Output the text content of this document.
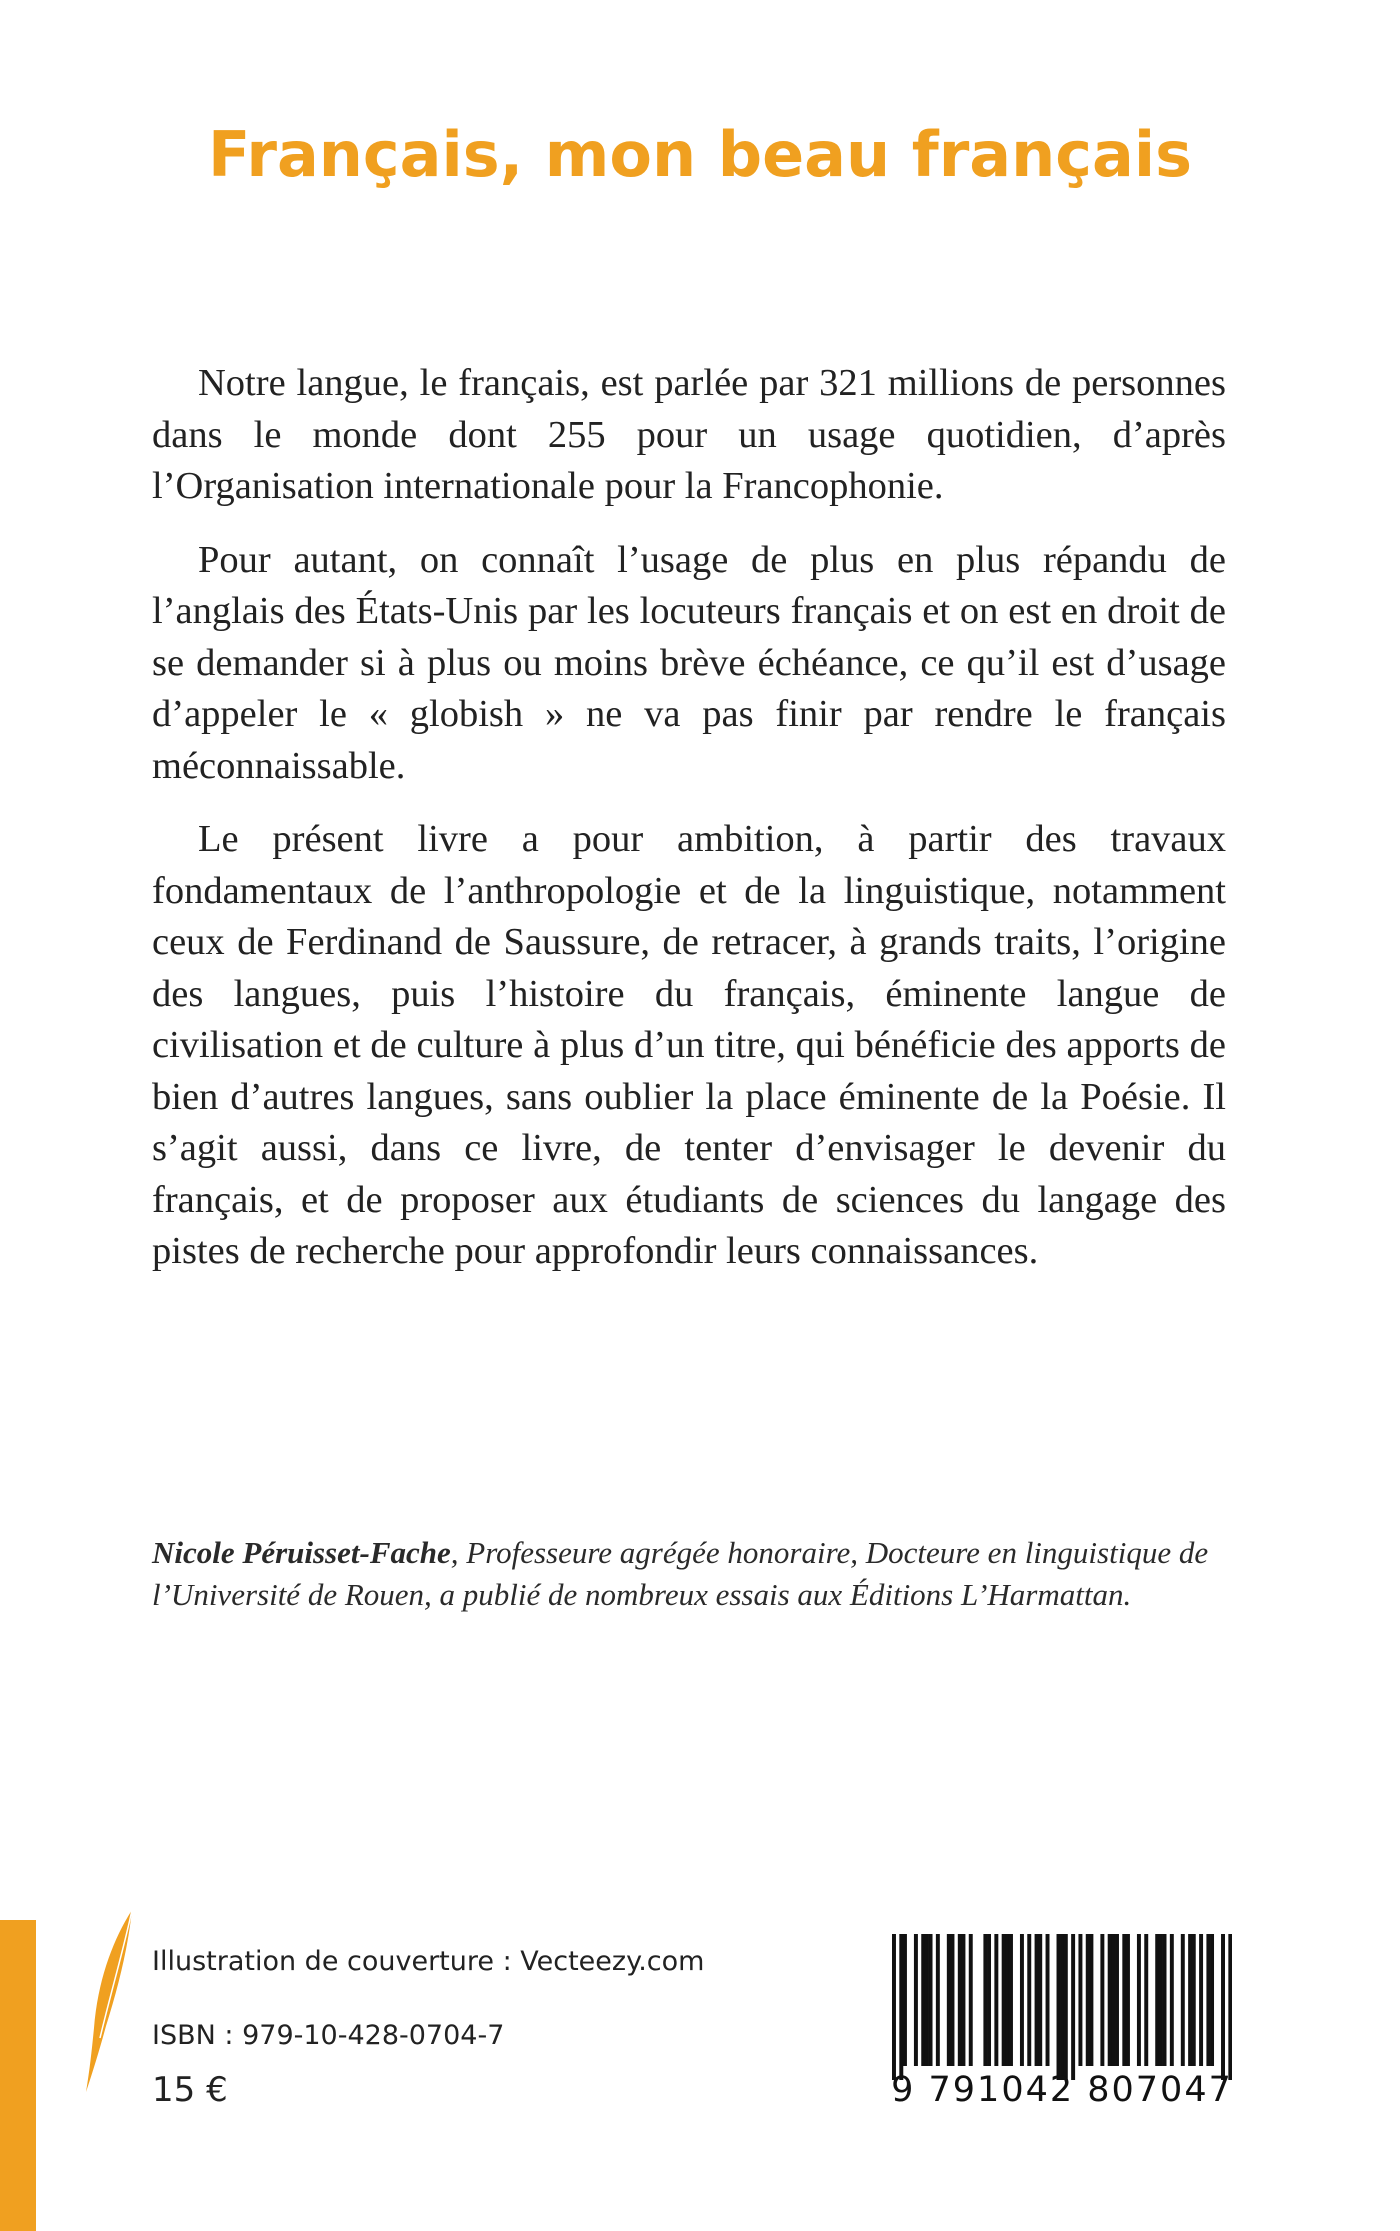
Français, mon beau français

Notre langue, le français, est parlée par 321 millions de personnes dans le monde dont 255 pour un usage quotidien, d’après l’Organisation internationale pour la Francophonie.

Pour autant, on connaît l’usage de plus en plus répandu de l’anglais des États-Unis par les locuteurs français et on est en droit de se demander si à plus ou moins brève échéance, ce qu’il est d’usage d’appeler le « globish » ne va pas finir par rendre le français méconnaissable.

Le présent livre a pour ambition, à partir des travaux fondamentaux de l’anthropologie et de la linguistique, notamment ceux de Ferdinand de Saussure, de retracer, à grands traits, l’origine des langues, puis l’histoire du français, éminente langue de civilisation et de culture à plus d’un titre, qui bénéficie des apports de bien d’autres langues, sans oublier la place éminente de la Poésie. Il s’agit aussi, dans ce livre, de tenter d’envisager le devenir du français, et de proposer aux étudiants de sciences du langage des pistes de recherche pour approfondir leurs connaissances.

Nicole Péruisset-Fache, Professeure agrégée honoraire, Docteure en linguistique de l’Université de Rouen, a publié de nombreux essais aux Éditions L’Harmattan.
Illustration de couverture : Vecteezy.com
ISBN : 979-10-428-0704-7
15 €	9 791042 807047
